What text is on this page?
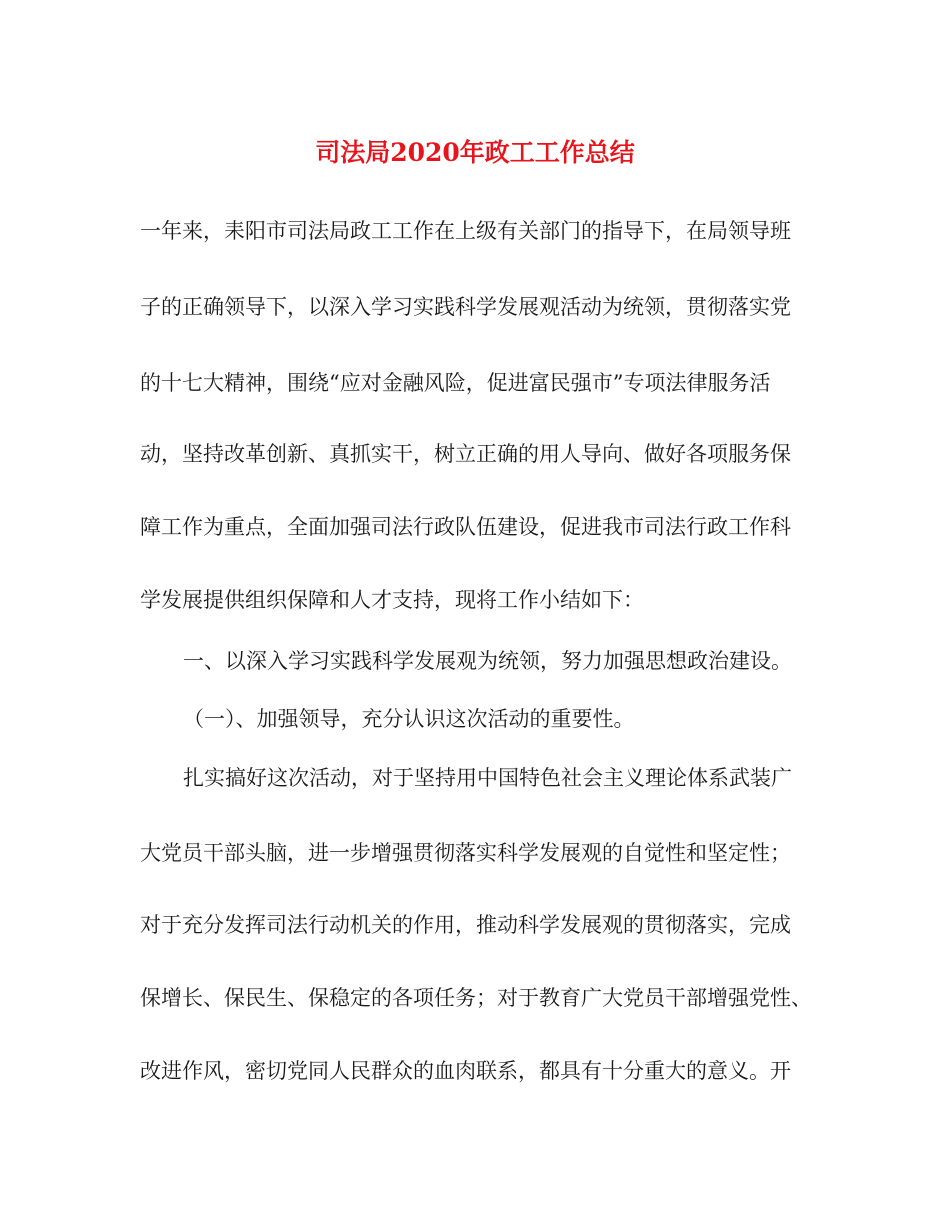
司法局2020年政工工作总结
一年来，耒阳市司法局政工工作在上级有关部门的指导下，在局领导班
子的正确领导下，以深入学习实践科学发展观活动为统领，贯彻落实党
的十七大精神，围绕“应对金融风险，促进富民强市”专项法律服务活
动，坚持改革创新、真抓实干，树立正确的用人导向、做好各项服务保
障工作为重点，全面加强司法行政队伍建设，促进我市司法行政工作科
学发展提供组织保障和人才支持，现将工作小结如下：
一、以深入学习实践科学发展观为统领，努力加强思想政治建设。
（一）、加强领导，充分认识这次活动的重要性。
扎实搞好这次活动，对于坚持用中国特色社会主义理论体系武装广
大党员干部头脑，进一步增强贯彻落实科学发展观的自觉性和坚定性；
对于充分发挥司法行动机关的作用，推动科学发展观的贯彻落实，完成
保增长、保民生、保稳定的各项任务；对于教育广大党员干部增强党性、
改进作风，密切党同人民群众的血肉联系，都具有十分重大的意义。开
